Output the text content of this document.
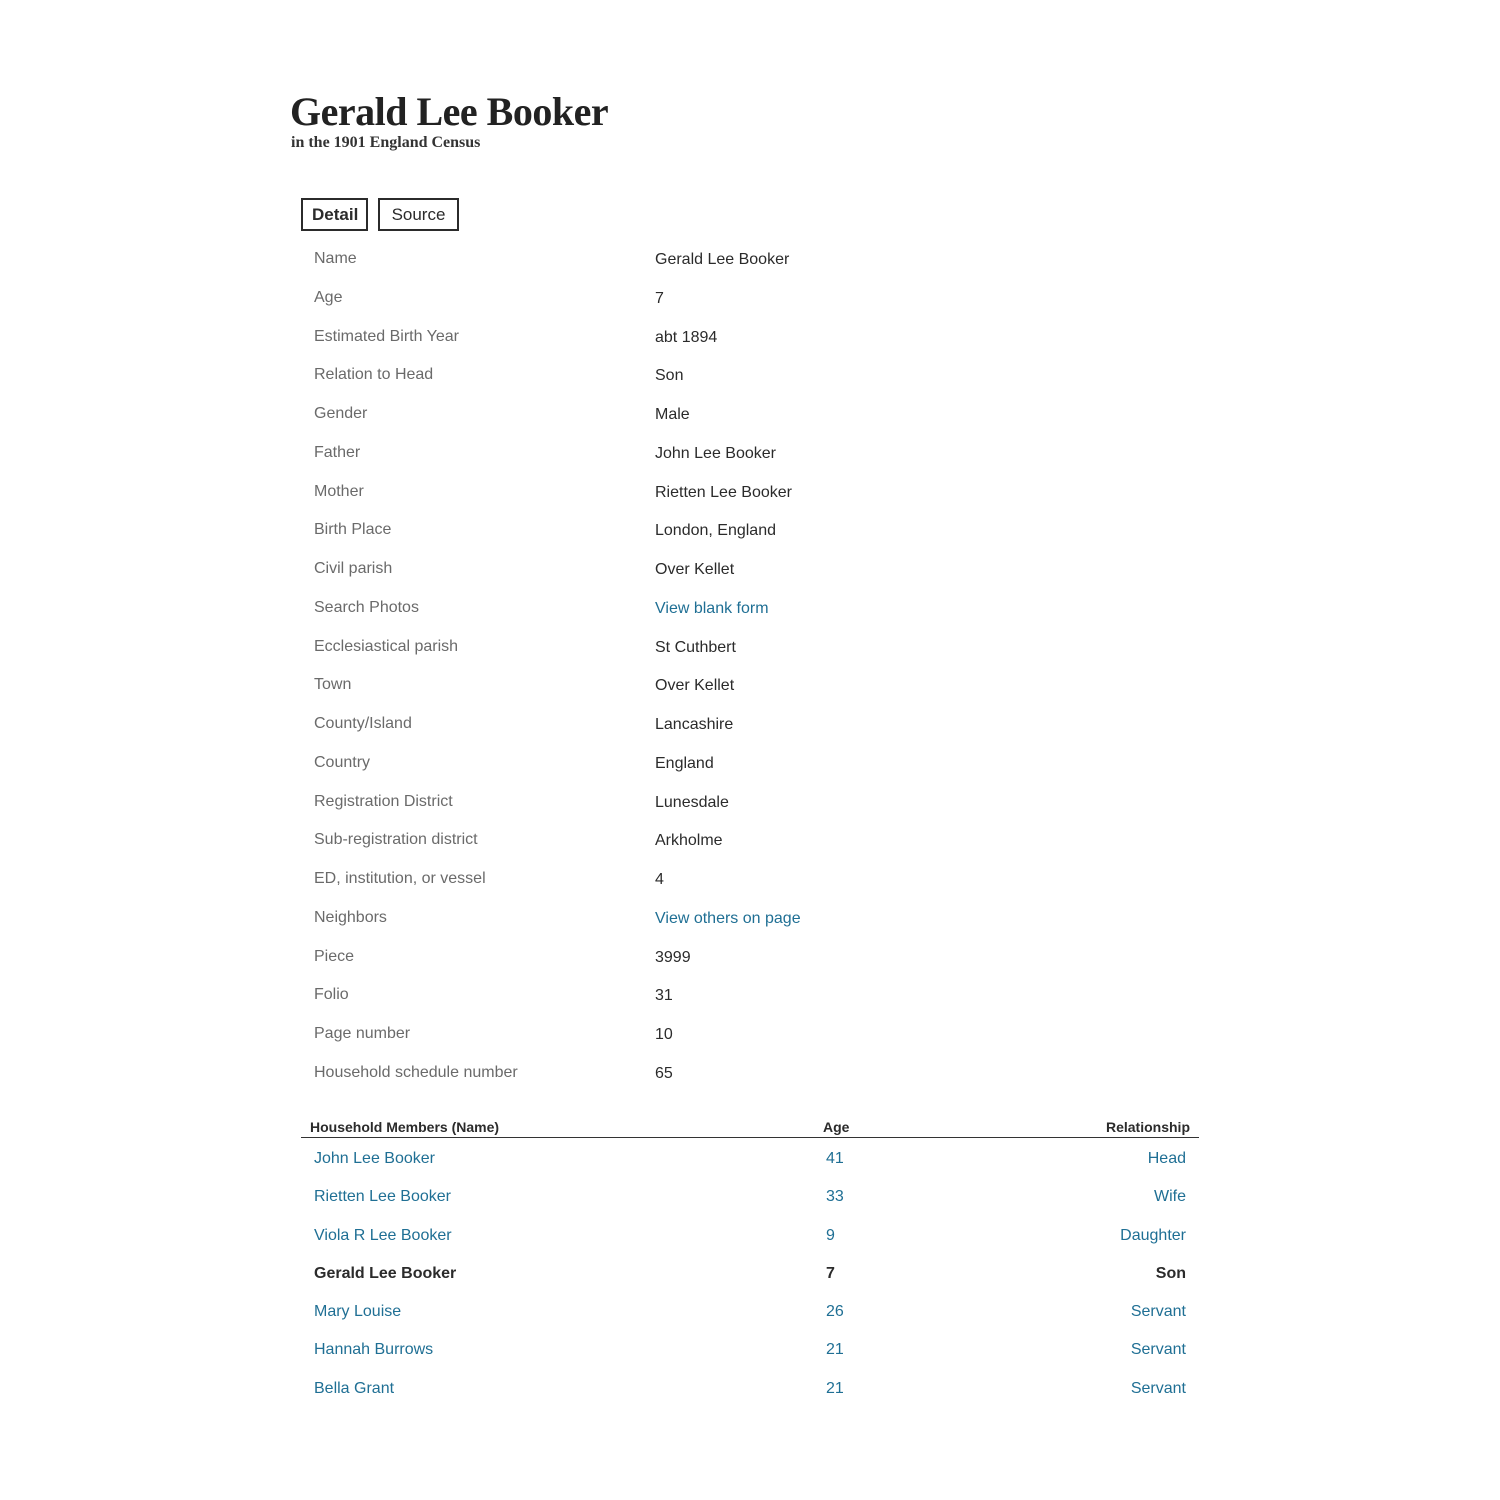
Gerald Lee Booker
in the 1901 England Census
Detail	Source
Name	Gerald Lee Booker
Age	7
Estimated Birth Year	abt 1894
Relation to Head	Son
Gender	Male
Father	John Lee Booker
Mother	Rietten Lee Booker
Birth Place	London, England
Civil parish	Over Kellet
Search Photos	View blank form
Ecclesiastical parish	St Cuthbert
Town	Over Kellet
County/Island	Lancashire
Country	England
Registration District	Lunesdale
Sub-registration district	Arkholme
ED, institution, or vessel	4
Neighbors	View others on page
Piece	3999
Folio	31
Page number	10
Household schedule number	65
Household Members (Name)	Age	Relationship
John Lee Booker	41	Head
Rietten Lee Booker	33	Wife
Viola R Lee Booker	9	Daughter
Gerald Lee Booker	7	Son
Mary Louise	26	Servant
Hannah Burrows	21	Servant
Bella Grant	21	Servant
